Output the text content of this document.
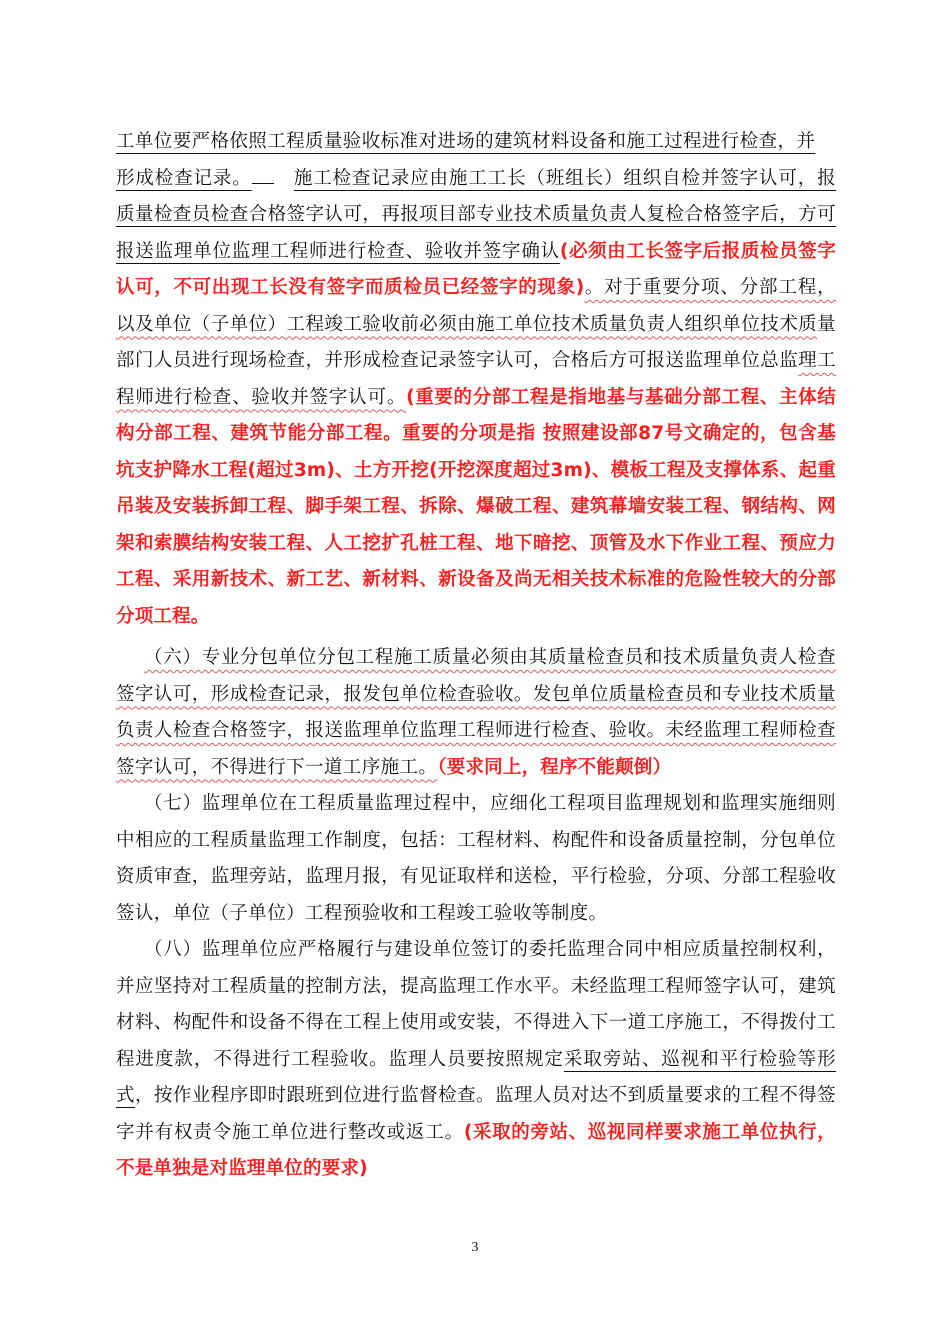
工单位要严格依照工程质量验收标准对进场的建筑材料设备和施工过程进行检查，并
形成检查记录。 施工检查记录应由施工工长（班组长）组织自检并签字认可，报质量检查员检查合格签字认可，再报项目部专业技术质量负责人复检合格签字后，方可报送监理单位监理工程师进行检查、验收并签字确认(必须由工长签字后报质检员签字认可，不可出现工长没有签字而质检员已经签字的现象)。对于重要分项、分部工程，以及单位（子单位）工程竣工验收前必须由施工单位技术质量负责人组织单位技术质量部门人员进行现场检查，并形成检查记录签字认可，合格后方可报送监理单位总监理工程师进行检查、验收并签字认可。(重要的分部工程是指地基与基础分部工程、主体结构分部工程、建筑节能分部工程。重要的分项是指 按照建设部87号文确定的，包含基坑支护降水工程(超过3m)、土方开挖(开挖深度超过3m)、模板工程及支撑体系、起重吊装及安装拆卸工程、脚手架工程、拆除、爆破工程、建筑幕墙安装工程、钢结构、网架和索膜结构安装工程、人工挖扩孔桩工程、地下暗挖、顶管及水下作业工程、预应力工程、采用新技术、新工艺、新材料、新设备及尚无相关技术标准的危险性较大的分部分项工程。

（六）专业分包单位分包工程施工质量必须由其质量检查员和技术质量负责人检查签字认可，形成检查记录，报发包单位检查验收。发包单位质量检查员和专业技术质量负责人检查合格签字，报送监理单位监理工程师进行检查、验收。未经监理工程师检查签字认可，不得进行下一道工序施工。（要求同上，程序不能颠倒）

（七）监理单位在工程质量监理过程中，应细化工程项目监理规划和监理实施细则中相应的工程质量监理工作制度，包括：工程材料、构配件和设备质量控制，分包单位资质审查，监理旁站，监理月报，有见证取样和送检，平行检验，分项、分部工程验收签认，单位（子单位）工程预验收和工程竣工验收等制度。

（八）监理单位应严格履行与建设单位签订的委托监理合同中相应质量控制权利，并应坚持对工程质量的控制方法，提高监理工作水平。未经监理工程师签字认可，建筑材料、构配件和设备不得在工程上使用或安装，不得进入下一道工序施工，不得拨付工程进度款，不得进行工程验收。监理人员要按照规定采取旁站、巡视和平行检验等形式，按作业程序即时跟班到位进行监督检查。监理人员对达不到质量要求的工程不得签字并有权责令施工单位进行整改或返工。(采取的旁站、巡视同样要求施工单位执行，不是单独是对监理单位的要求)

3
